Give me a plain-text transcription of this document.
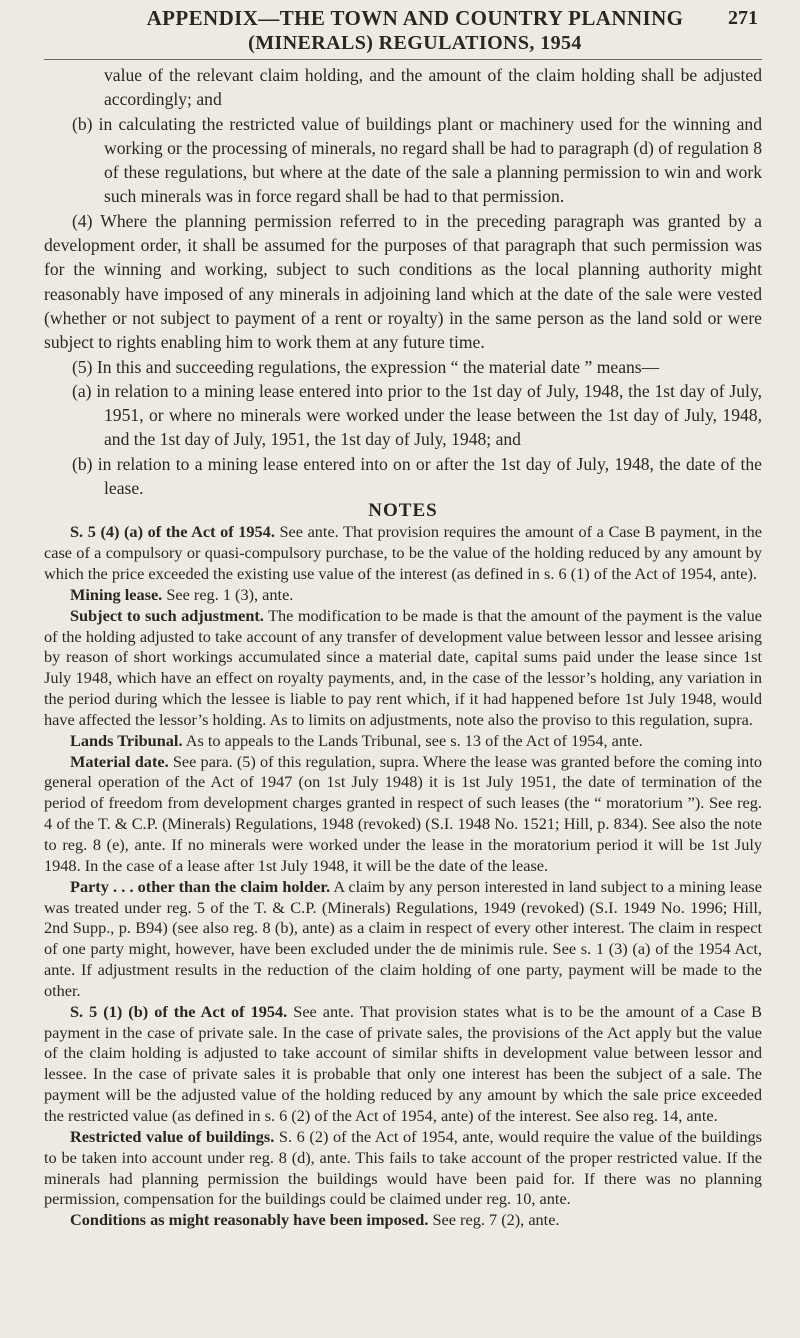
APPENDIX—THE TOWN AND COUNTRY PLANNING
(MINERALS) REGULATIONS, 1954
271

value of the relevant claim holding, and the amount of the claim holding shall be adjusted accordingly; and

(b) in calculating the restricted value of buildings plant or machinery used for the winning and working or the processing of minerals, no regard shall be had to paragraph (d) of regulation 8 of these regulations, but where at the date of the sale a planning permission to win and work such minerals was in force regard shall be had to that permission.

(4) Where the planning permission referred to in the preceding paragraph was granted by a development order, it shall be assumed for the purposes of that paragraph that such permission was for the winning and working, subject to such conditions as the local planning authority might reasonably have imposed of any minerals in adjoining land which at the date of the sale were vested (whether or not subject to payment of a rent or royalty) in the same person as the land sold or were subject to rights enabling him to work them at any future time.

(5) In this and succeeding regulations, the expression “ the material date ” means—

(a) in relation to a mining lease entered into prior to the 1st day of July, 1948, the 1st day of July, 1951, or where no minerals were worked under the lease between the 1st day of July, 1948, and the 1st day of July, 1951, the 1st day of July, 1948; and

(b) in relation to a mining lease entered into on or after the 1st day of July, 1948, the date of the lease.

NOTES

S. 5 (4) (a) of the Act of 1954. See ante. That provision requires the amount of a Case B payment, in the case of a compulsory or quasi-compulsory purchase, to be the value of the holding reduced by any amount by which the price exceeded the existing use value of the interest (as defined in s. 6 (1) of the Act of 1954, ante).

Mining lease. See reg. 1 (3), ante.

Subject to such adjustment. The modification to be made is that the amount of the payment is the value of the holding adjusted to take account of any transfer of development value between lessor and lessee arising by reason of short workings accumulated since a material date, capital sums paid under the lease since 1st July 1948, which have an effect on royalty payments, and, in the case of the lessor’s holding, any variation in the period during which the lessee is liable to pay rent which, if it had happened before 1st July 1948, would have affected the lessor’s holding. As to limits on adjustments, note also the proviso to this regulation, supra.

Lands Tribunal. As to appeals to the Lands Tribunal, see s. 13 of the Act of 1954, ante.

Material date. See para. (5) of this regulation, supra. Where the lease was granted before the coming into general operation of the Act of 1947 (on 1st July 1948) it is 1st July 1951, the date of termination of the period of freedom from development charges granted in respect of such leases (the “ moratorium ”). See reg. 4 of the T. & C.P. (Minerals) Regulations, 1948 (revoked) (S.I. 1948 No. 1521; Hill, p. 834). See also the note to reg. 8 (e), ante. If no minerals were worked under the lease in the moratorium period it will be 1st July 1948. In the case of a lease after 1st July 1948, it will be the date of the lease.

Party . . . other than the claim holder. A claim by any person interested in land subject to a mining lease was treated under reg. 5 of the T. & C.P. (Minerals) Regulations, 1949 (revoked) (S.I. 1949 No. 1996; Hill, 2nd Supp., p. B94) (see also reg. 8 (b), ante) as a claim in respect of every other interest. The claim in respect of one party might, however, have been excluded under the de minimis rule. See s. 1 (3) (a) of the 1954 Act, ante. If adjustment results in the reduction of the claim holding of one party, payment will be made to the other.

S. 5 (1) (b) of the Act of 1954. See ante. That provision states what is to be the amount of a Case B payment in the case of private sale. In the case of private sales, the provisions of the Act apply but the value of the claim holding is adjusted to take account of similar shifts in development value between lessor and lessee. In the case of private sales it is probable that only one interest has been the subject of a sale. The payment will be the adjusted value of the holding reduced by any amount by which the sale price exceeded the restricted value (as defined in s. 6 (2) of the Act of 1954, ante) of the interest. See also reg. 14, ante.

Restricted value of buildings. S. 6 (2) of the Act of 1954, ante, would require the value of the buildings to be taken into account under reg. 8 (d), ante. This fails to take account of the proper restricted value. If the minerals had planning permission the buildings would have been paid for. If there was no planning permission, compensation for the buildings could be claimed under reg. 10, ante.

Conditions as might reasonably have been imposed. See reg. 7 (2), ante.
